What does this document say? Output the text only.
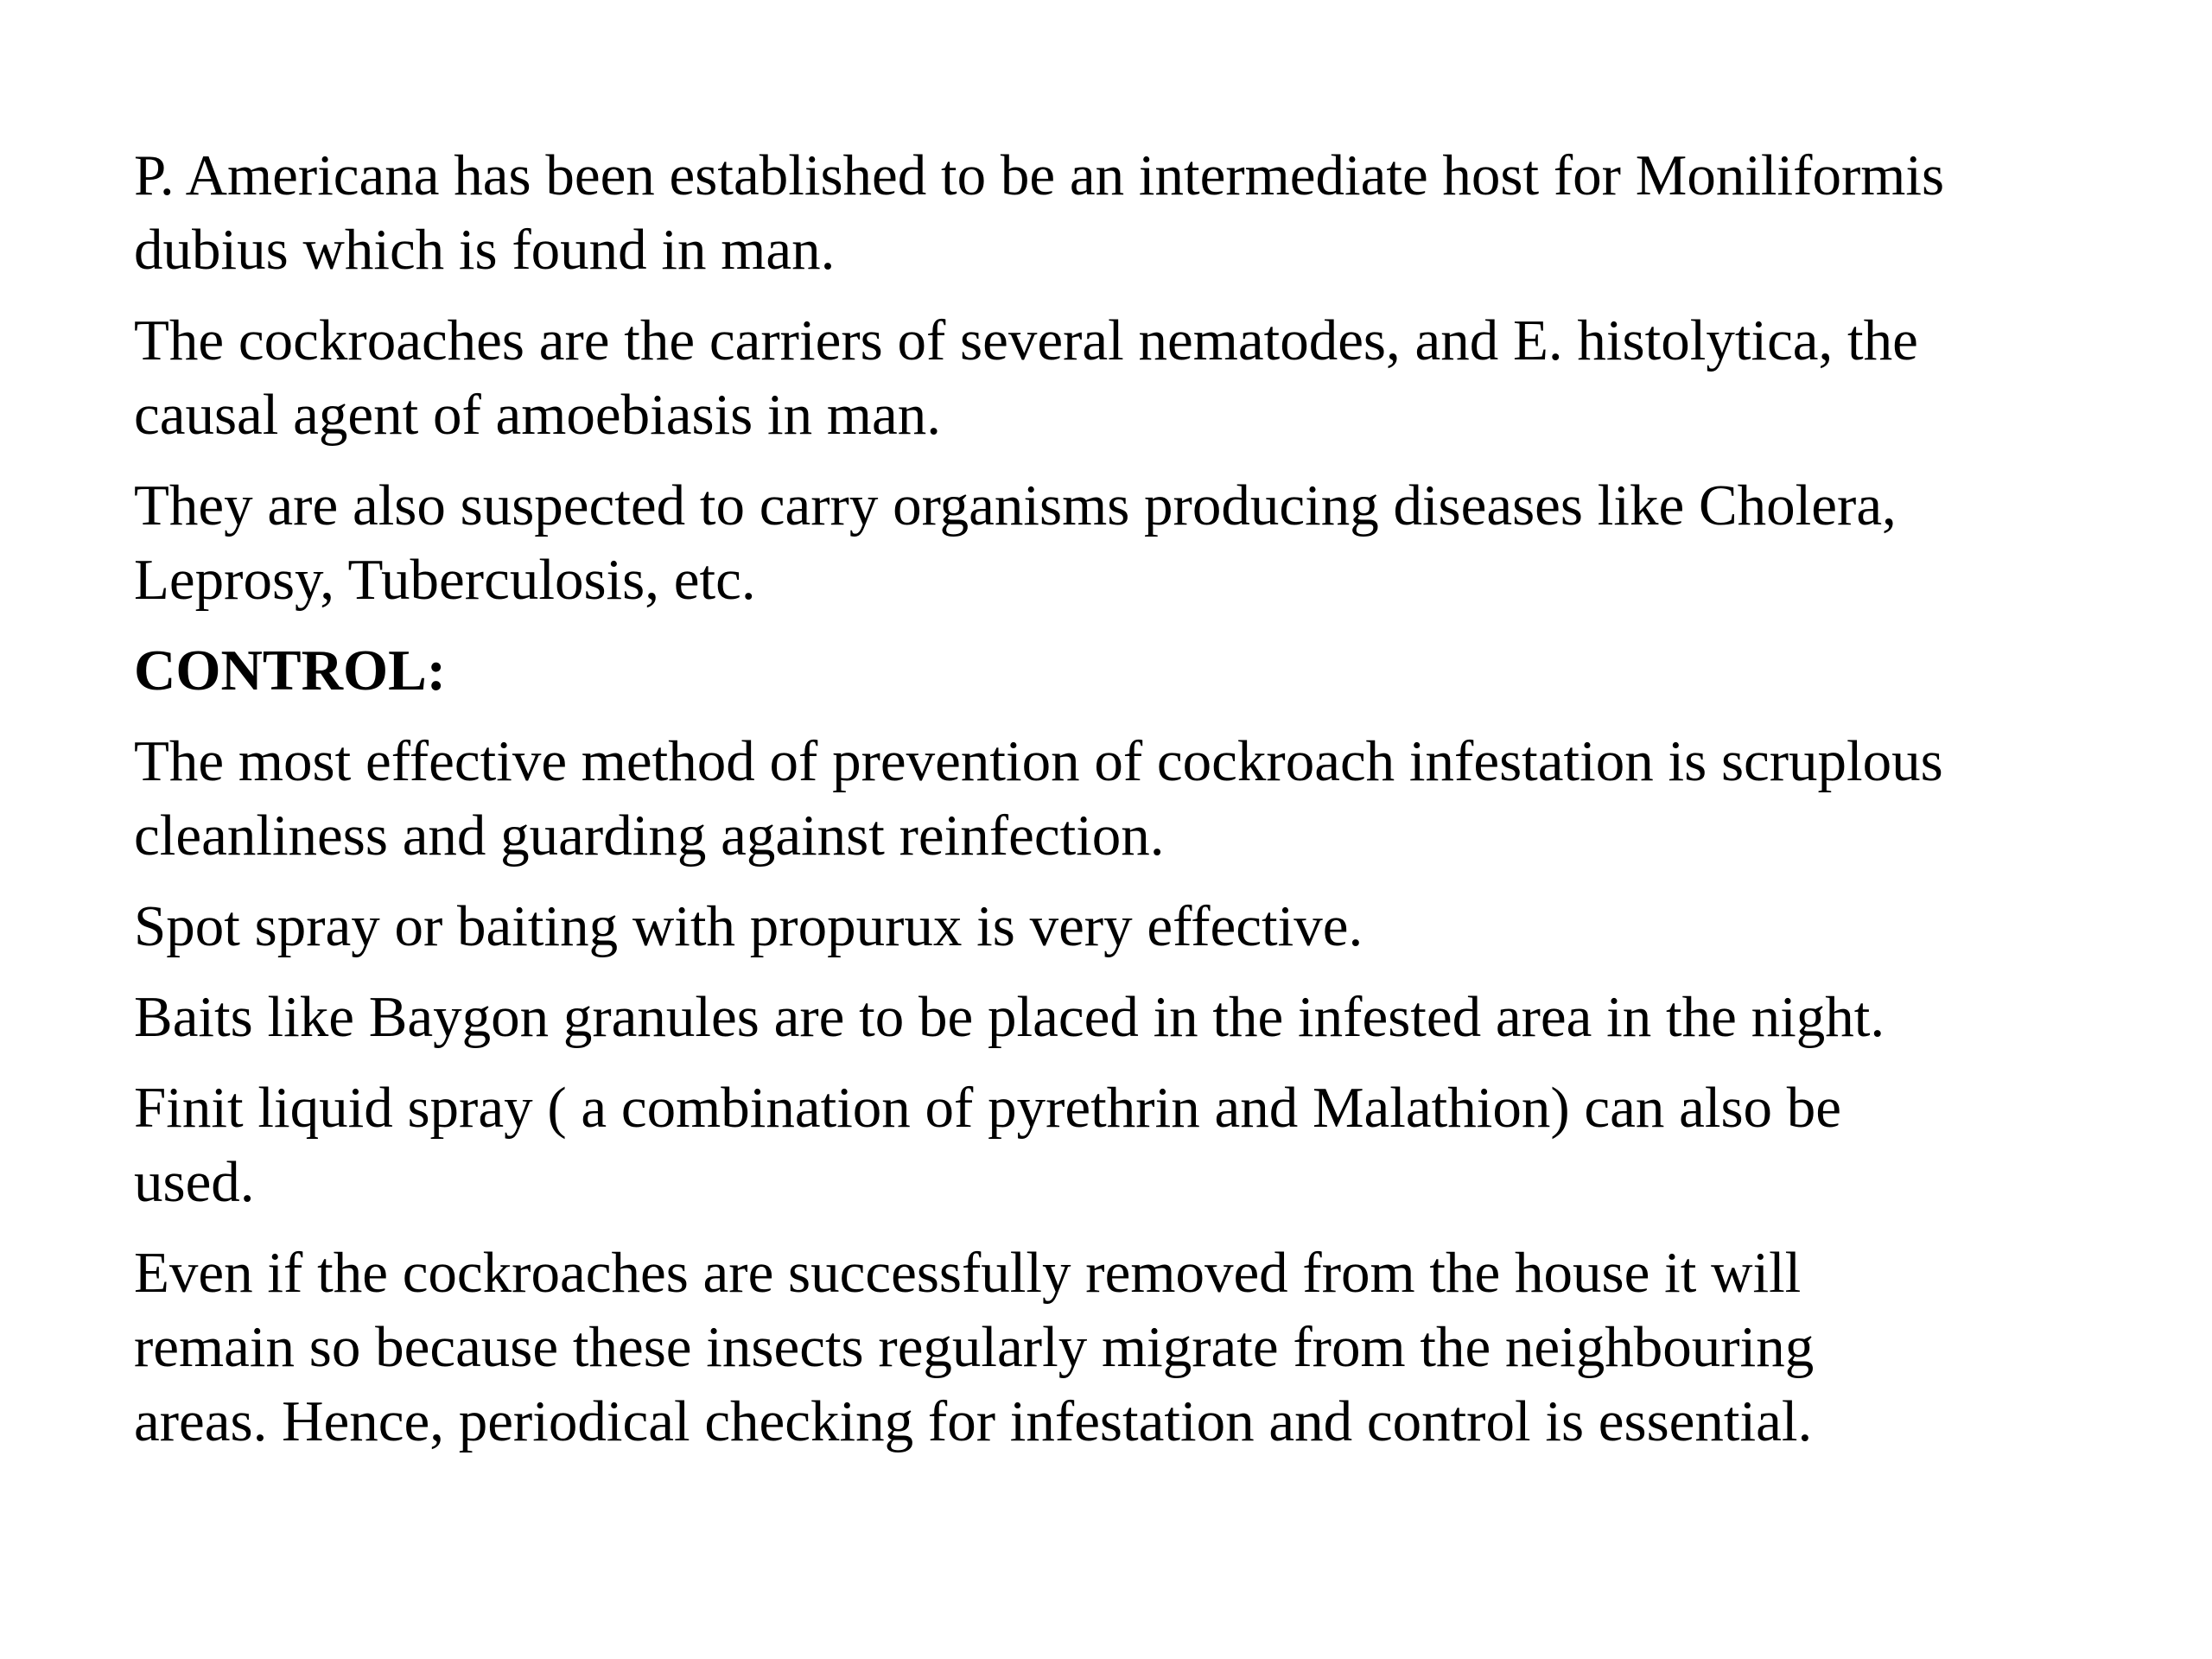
P. Americana has been established to be an intermediate host for Moniliformis
dubius which is found in man.

The cockroaches are the carriers of several nematodes, and E. histolytica, the
causal agent of amoebiasis in man.

They are also suspected to carry organisms producing diseases like Cholera,
Leprosy, Tuberculosis, etc.

CONTROL:

The most effective method of prevention of cockroach infestation is scruplous
cleanliness and guarding against reinfection.

Spot spray or baiting with propurux is very effective.

Baits like Baygon granules are to be placed in the infested area in the night.

Finit liquid spray ( a combination of pyrethrin and Malathion) can also be
used.

Even if the cockroaches are successfully removed from the house it will
remain so because these insects regularly migrate from the neighbouring
areas. Hence, periodical checking for infestation and control is essential.
